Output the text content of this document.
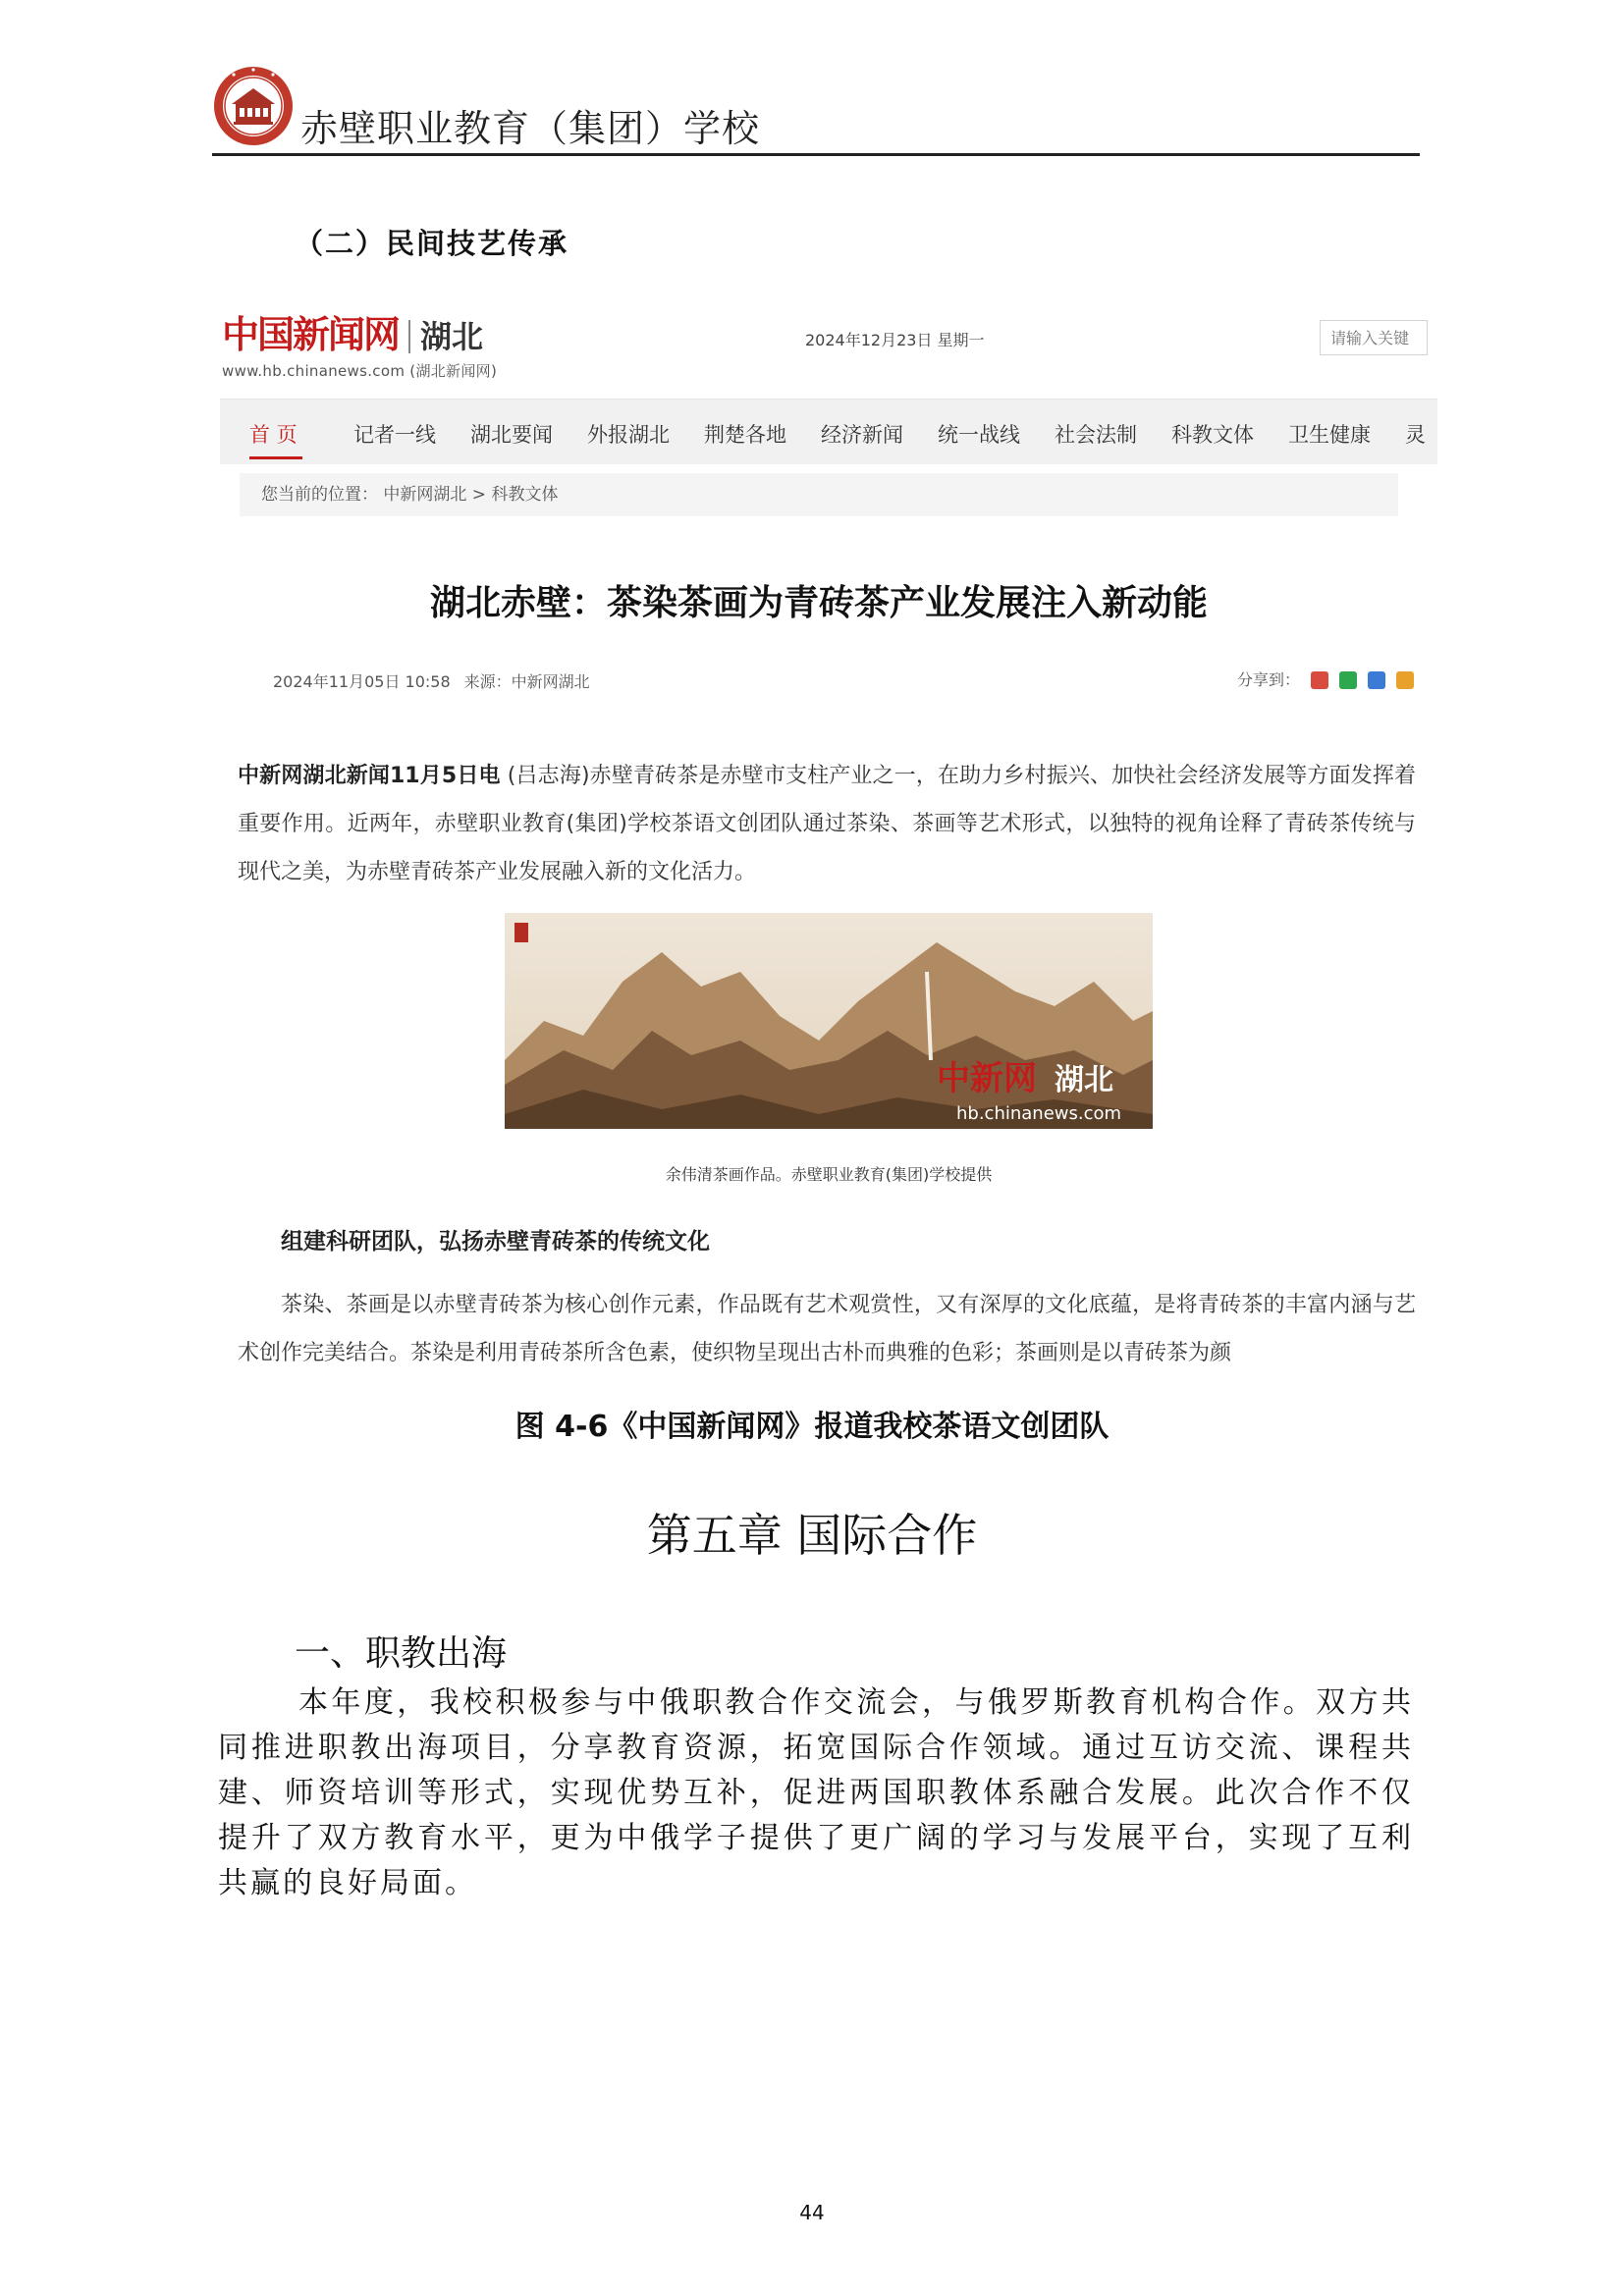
赤壁职业教育（集团）学校
（二）民间技艺传承
中国新闻网 湖北
www.hb.chinanews.com (湖北新闻网)
2024年12月23日 星期一
请输入关键
首 页	记者一线 湖北要闻 外报湖北 荆楚各地 经济新闻 统一战线 社会法制 科教文体 卫生健康 灵
您当前的位置： 中新网湖北 > 科教文体
湖北赤壁：茶染茶画为青砖茶产业发展注入新动能
2024年11月05日 10:58 来源：中新网湖北	分享到：
中新网湖北新闻11月5日电 (吕志海)赤壁青砖茶是赤壁市支柱产业之一，在助力乡村振兴、加快社会经济发展等方面发挥着重要作用。近两年，赤壁职业教育(集团)学校茶语文创团队通过茶染、茶画等艺术形式，以独特的视角诠释了青砖茶传统与现代之美，为赤壁青砖茶产业发展融入新的文化活力。
中新网 湖北
hb.chinanews.com
余伟清茶画作品。赤壁职业教育(集团)学校提供
组建科研团队，弘扬赤壁青砖茶的传统文化
茶染、茶画是以赤壁青砖茶为核心创作元素，作品既有艺术观赏性，又有深厚的文化底蕴，是将青砖茶的丰富内涵与艺术创作完美结合。茶染是利用青砖茶所含色素，使织物呈现出古朴而典雅的色彩；茶画则是以青砖茶为颜
图 4-6《中国新闻网》报道我校茶语文创团队
第五章 国际合作
一、职教出海
本年度，我校积极参与中俄职教合作交流会，与俄罗斯教育机构合作。双方共同推进职教出海项目，分享教育资源，拓宽国际合作领域。通过互访交流、课程共建、师资培训等形式，实现优势互补，促进两国职教体系融合发展。此次合作不仅提升了双方教育水平，更为中俄学子提供了更广阔的学习与发展平台，实现了互利共赢的良好局面。
44
